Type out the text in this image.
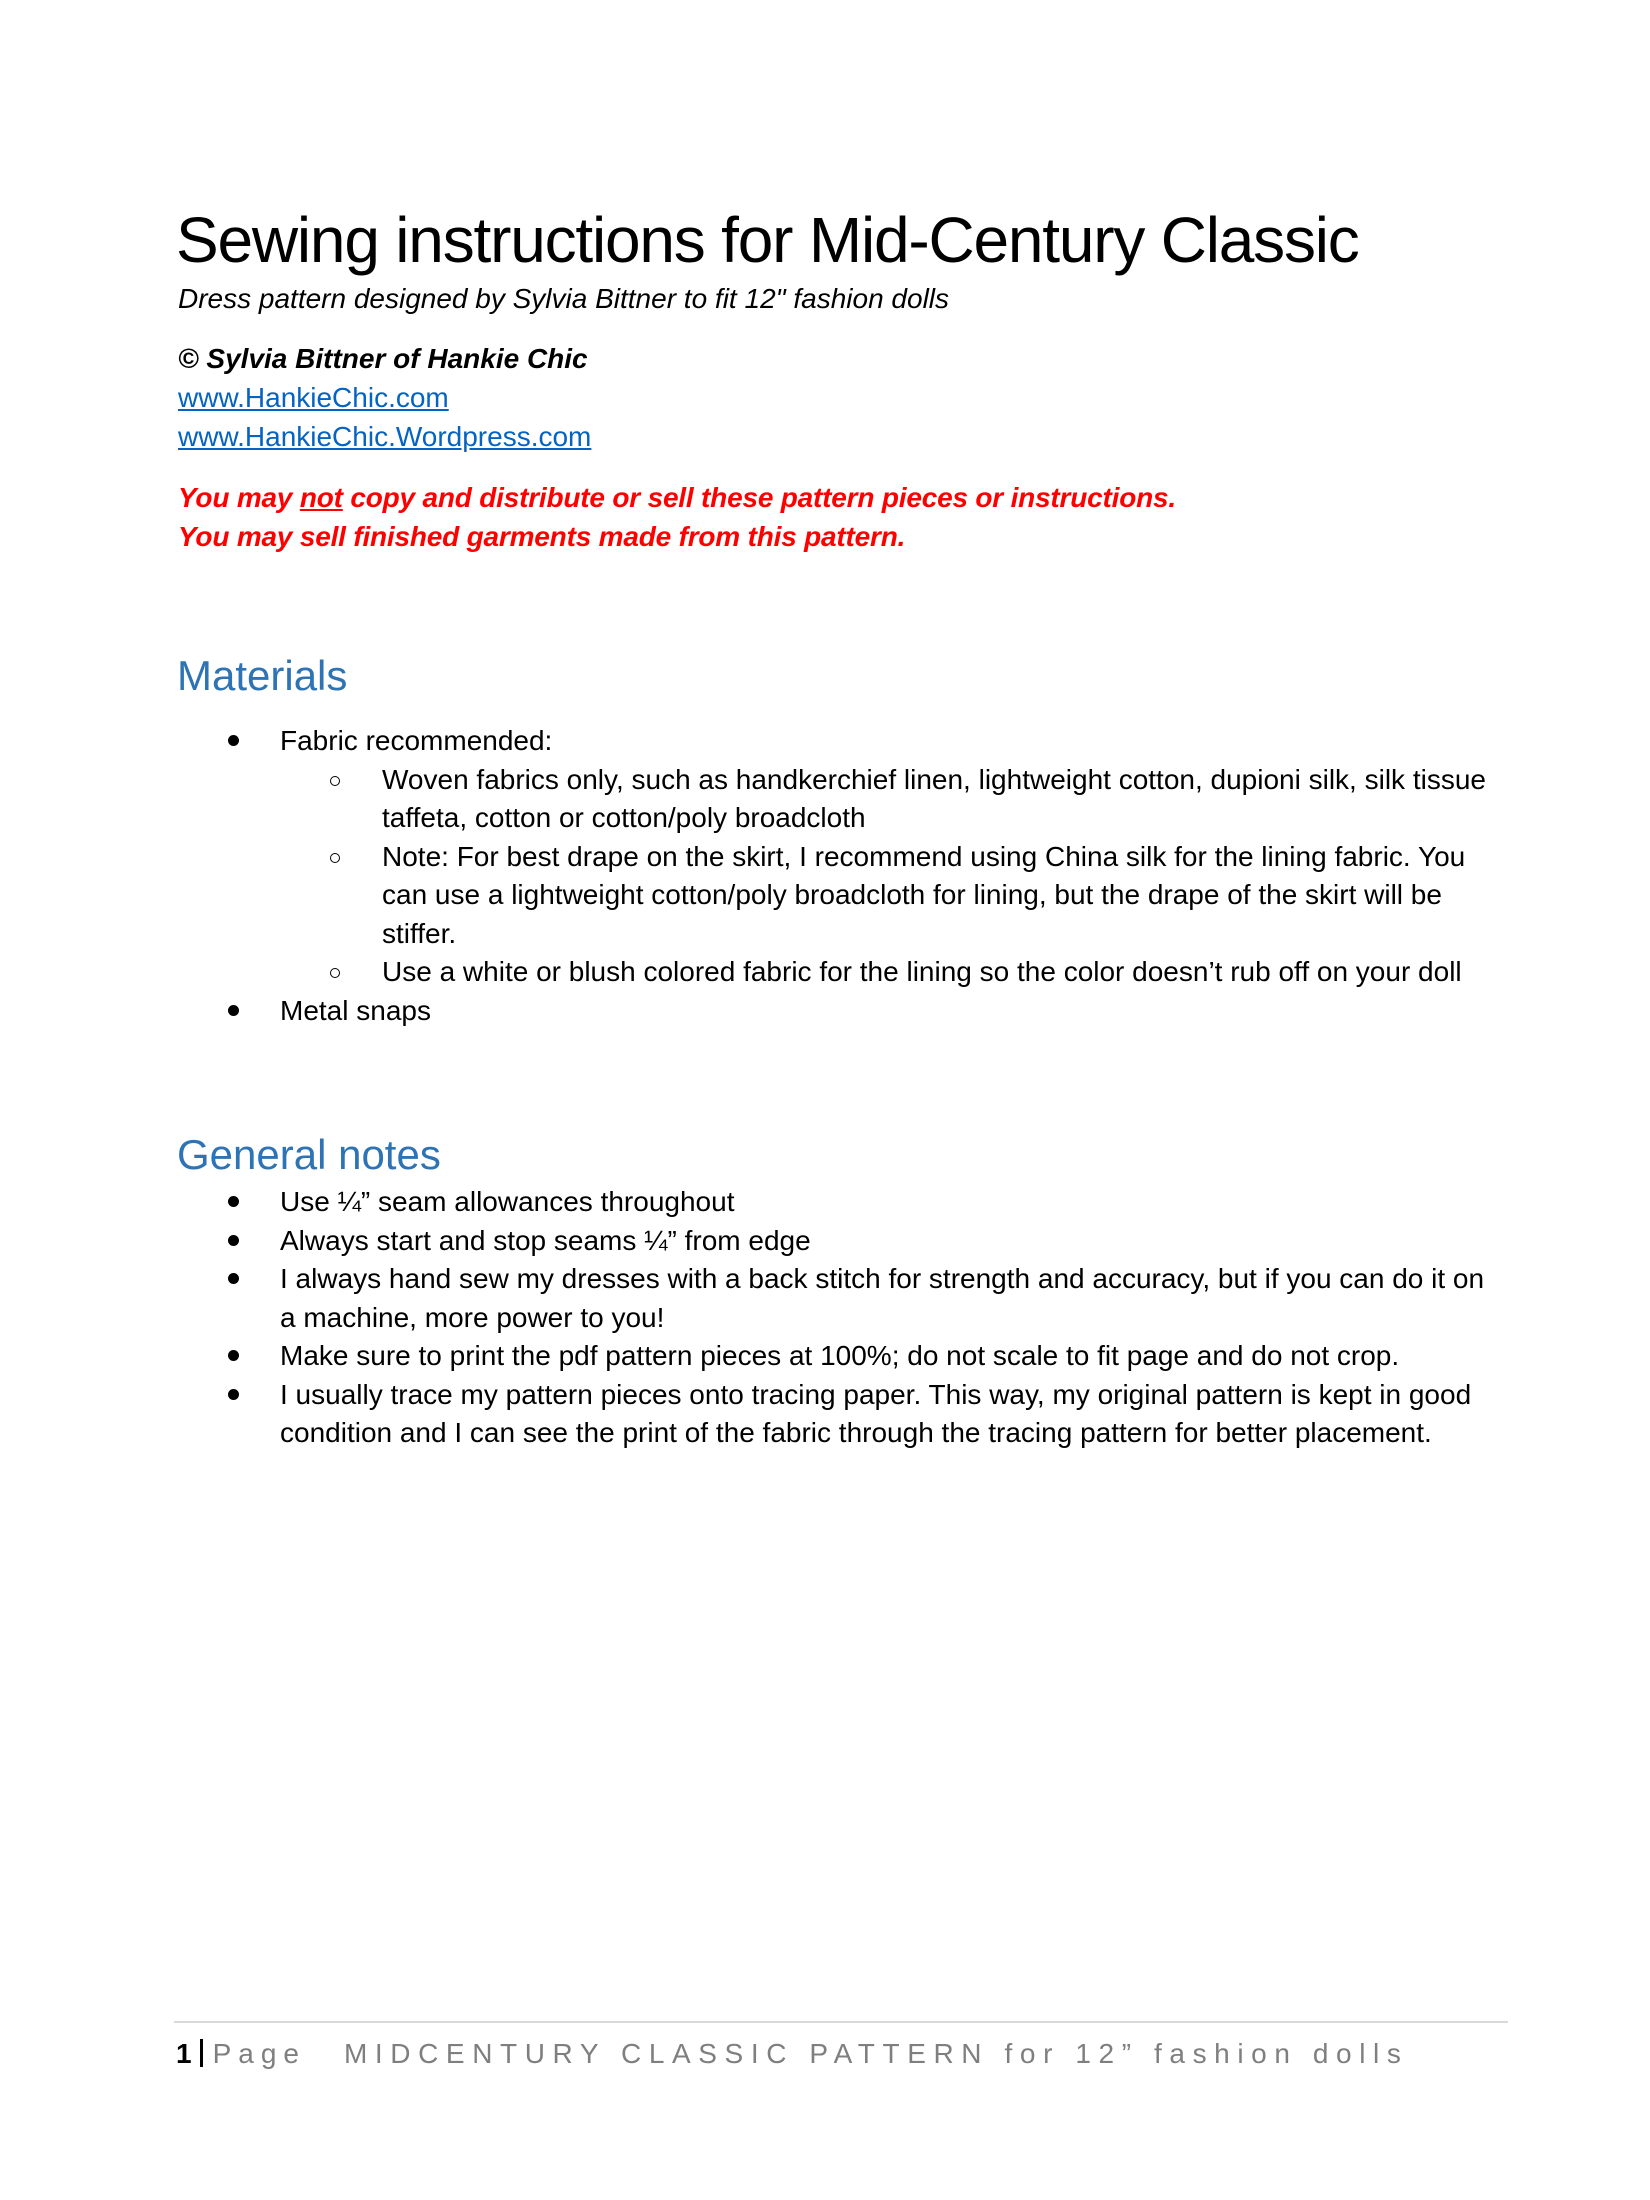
Sewing instructions for Mid-Century Classic
Dress pattern designed by Sylvia Bittner to fit 12" fashion dolls
© Sylvia Bittner of Hankie Chic
www.HankieChic.com
www.HankieChic.Wordpress.com
You may not copy and distribute or sell these pattern pieces or instructions.
You may sell finished garments made from this pattern.
Materials
Fabric recommended:
Woven fabrics only, such as handkerchief linen, lightweight cotton, dupioni silk, silk tissue taffeta, cotton or cotton/poly broadcloth
Note: For best drape on the skirt, I recommend using China silk for the lining fabric. You can use a lightweight cotton/poly broadcloth for lining, but the drape of the skirt will be stiffer.
Use a white or blush colored fabric for the lining so the color doesn’t rub off on your doll
Metal snaps
General notes
Use ¼” seam allowances throughout
Always start and stop seams ¼” from edge
I always hand sew my dresses with a back stitch for strength and accuracy, but if you can do it on a machine, more power to you!
Make sure to print the pdf pattern pieces at 100%; do not scale to fit page and do not crop.
I usually trace my pattern pieces onto tracing paper. This way, my original pattern is kept in good condition and I can see the print of the fabric through the tracing pattern for better placement.
1 Page MIDCENTURY CLASSIC PATTERN for 12” fashion dolls
